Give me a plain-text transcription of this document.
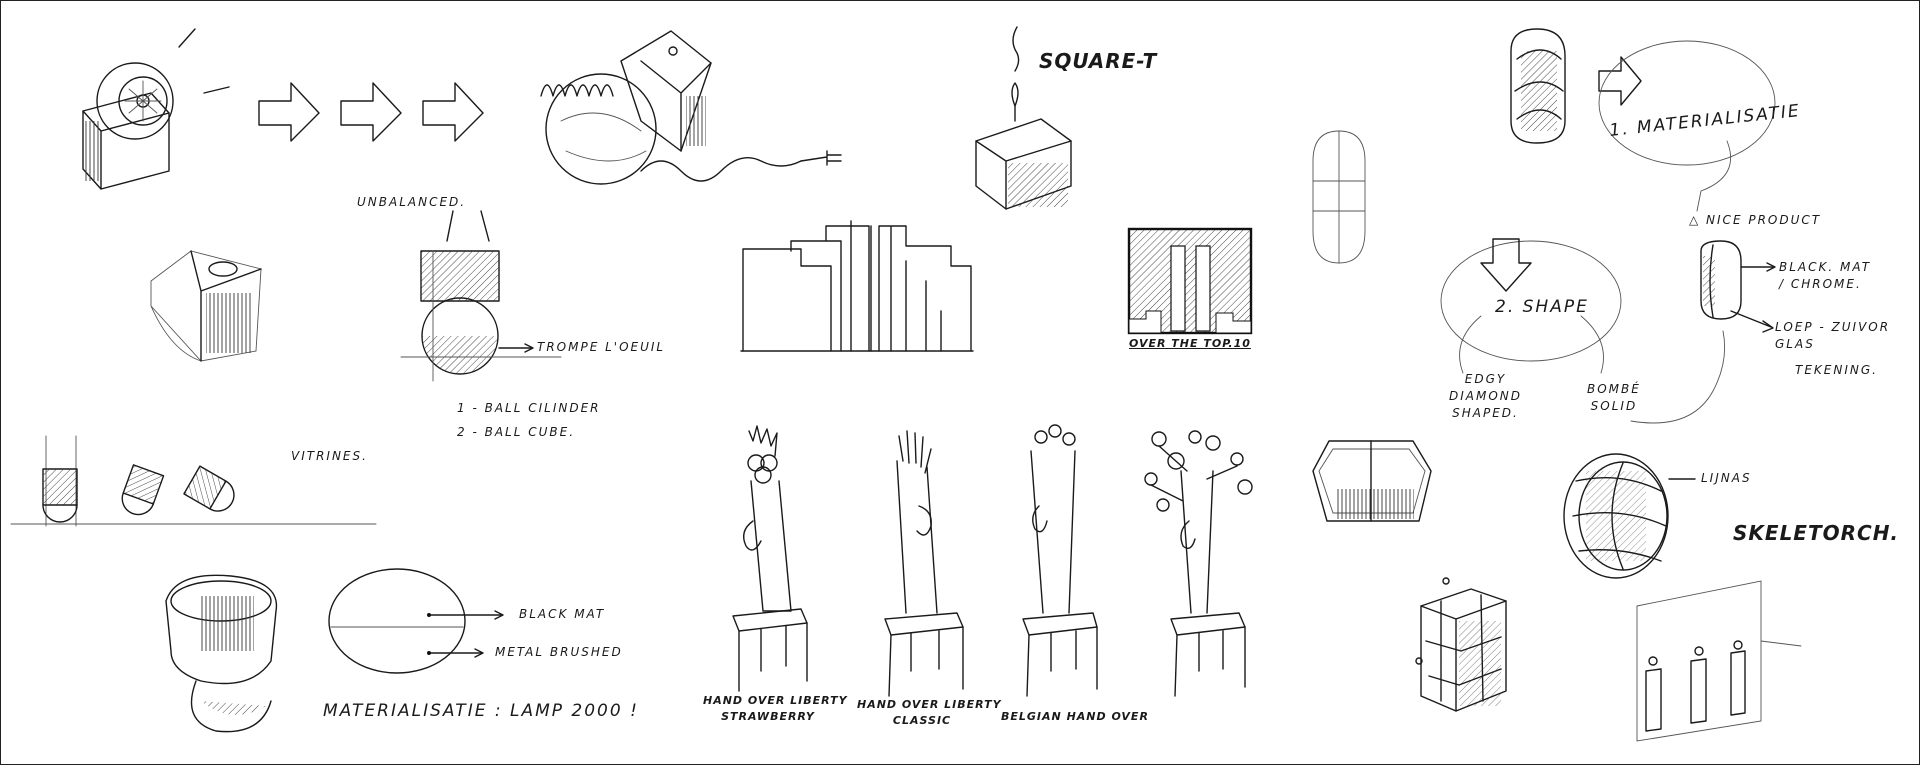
UNBALANCED.
TROMPE L'OEUIL
1 - BALL CILINDER
2 - BALL CUBE.
VITRINES.
BLACK MAT
METAL BRUSHED
MATERIALISATIE : LAMP 2000 !
SQUARE-T
OVER THE TOP.10
HAND OVER LIBERTY
STRAWBERRY
HAND OVER LIBERTY
CLASSIC	BELGIAN HAND OVER
1. MATERIALISATIE
△ NICE PRODUCT
2. SHAPE
EDGY
DIAMOND
SHAPED.
BOMBÉ
SOLID
BLACK. MAT
/ CHROME.
LOEP - ZUIVOR
GLAS
TEKENING.
LIJNAS
SKELETORCH.
